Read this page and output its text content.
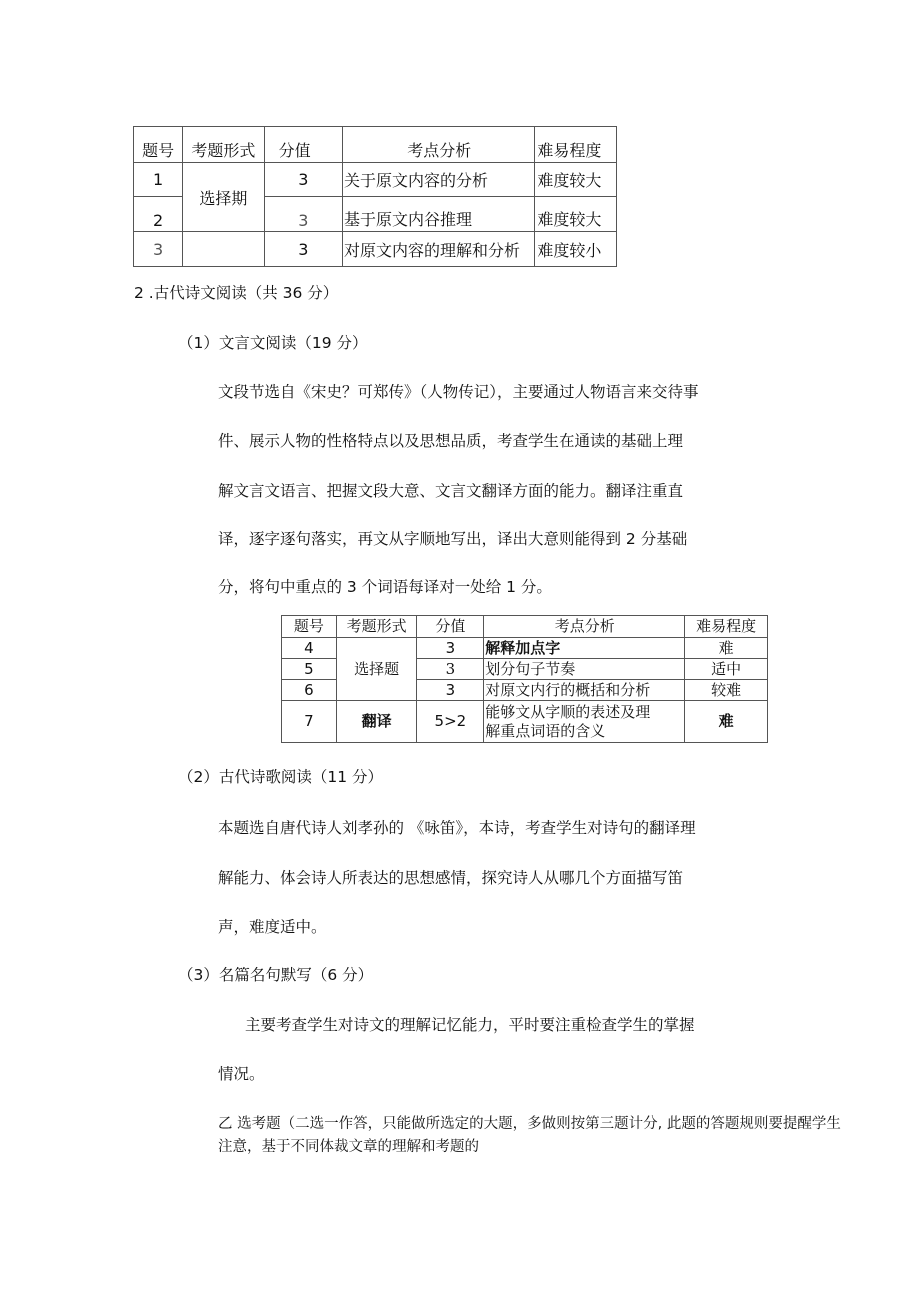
题号	考题形式	分值	考点分析	难易程度
1	选择期	3	关于原文内容的分析	难度较大
2		3	基于原文内谷推理	难度较大
3		3	对原文内容的理解和分析	难度较小
2 .古代诗文阅读（共 36 分）
（1）文言文阅读（19 分）
文段节选自《宋史？可郑传》（人物传记），主要通过人物语言来交待事
件、展示人物的性格特点以及思想品质，考查学生在通读的基础上理
解文言文语言、把握文段大意、文言文翻译方面的能力。翻译注重直
译，逐字逐句落实，再文从字顺地写出，译出大意则能得到 2 分基础
分，将句中重点的 3 个词语每译对一处给 1 分。
题号	考题形式	分值	考点分析	难易程度
4	选择题	3	解释加点字	难
5		3	划分句子节奏	适中
6		3	对原文内行的概括和分析	较难
7	翻译	5>2	能够文从字顺的表述及理
解重点词语的含义	难
（2）古代诗歌阅读（11 分）
本题选自唐代诗人刘孝孙的 《咏笛》，本诗，考查学生对诗句的翻译理
解能力、体会诗人所表达的思想感情，探究诗人从哪几个方面描写笛
声，难度适中。
（3）名篇名句默写（6 分）
主要考查学生对诗文的理解记忆能力，平时要注重检查学生的掌握
情况。
乙 选考题（二选一作答，只能做所选定的大题，多做则按第三题计分, 此题的答题规则要提醒学生
注意，基于不同体裁文章的理解和考题的
